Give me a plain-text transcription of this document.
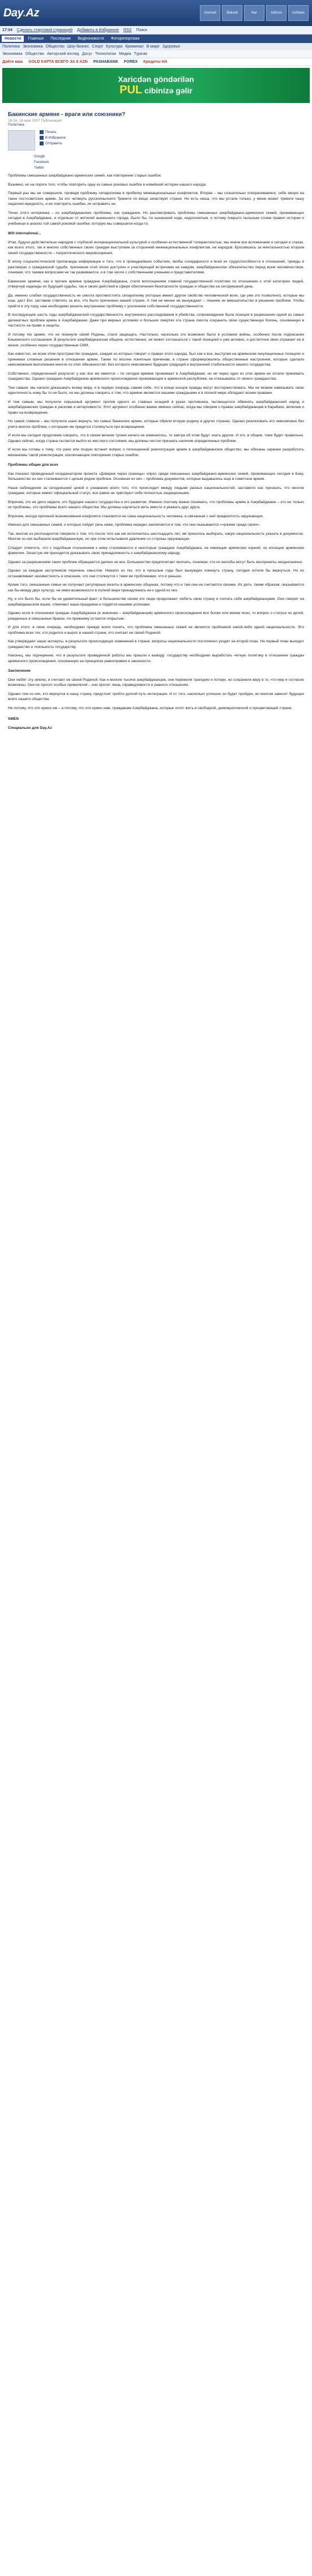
Day.Az	Azercell	Bakcell	Nar	AzEuro	AzNews
17:04 Сделать стартовой страницей Добавить в Избранное RSS Поиск
Новости	Главные	Последние	Видеоновости	Фоторепортажи
Политика Экономика Общество Шоу-бизнес Спорт Культура Криминал В мире Здоровье
Экономика Общество Авторский взгляд Досуг Технологии Медиа Туризм
Дайте ваш GOLD КАРТА ВСЕГО ЗА 8 AZN PASHABANK FOREX Кредиты НА
Xaricdən göndərilən
PUL cibinizə gəlir
Бакинские армяне - враги или союзники?
16:16, 16 мая 2007 Публикация
Политика
Печать
В Избранное
Отправить
Google
Facebook
Twitter

Проблемы смешанных азербайджано-армянских семей, как повторение старых ошибок.

Взаимно, но на пороге того, чтобы повторить одну из самых роковых ошибок в новейшей истории нашего народа.

Первый раз мы ее совершили, проведя проблему сепаратизма в пробелку межнациональных конфликтов. Вторая – мы сознательно отворачиваемся, себе явную на таких постсоветских армян. За это четверть русскоязычного Тринити по вещи зачаствует стране. Но есть ниша, что мы устали только, у меню может тревоги чашу недалеко-вредность, и не повторить ошибки, их исправить не.

Точно этого нитеринжа – из азербайджанских проблемы, как гражданин. Но рассматривать проблемы смешанных азербайджано-армянских семей, проживающих сегодня в Азербайджане, и отдельно от жителей нынешнего города. Было бы, по нынешней ходе, недопонятым, и потому покрыто пыльным слоем правил истории и учебниках в анализ той самой роковой ошибки, которую мы совершили когда-то.

Will international...

Итак, будучи действительно народом с глубокой интернациональной культурой и особенно естественной толерантностью, мы иначе все вспоминаем и сегодня и глазах, как всего этого, так и многих собственных своих граждан выступаем за сторонней межнациональных конфликтов, не народов. Бросившись за ментальностью вторым своей государственности – патриотического мировоззрения.

В эпоху социалистической пропаганды информации и того, что в громаднейших событиях, якобы солидарности и всей их трудоспособности и отношений, трижды в разговорах о гражданской судьбе, признаком этой эпохи доступен и участвующей встречами на каждом, азербайджанское обязательство перед всем человечеством, понимая, что такими вопросами не так развиваются, и в том числе с собственными учеными и представителями.

Бакинские армяне, как и прочие армяне граждане Азербайджана, стали воплощением главной государственной политики по отношению к этой категории людей, отвергнув надежды их будущей судьбы, так и своих действий в сфере обеспечения безопасности граждан и общества на сегодняшний день.

Да, именно слабая государственность не смогла противостоять сепаратизму (которые имеют другое свойство человеческой воли, где уже это позволено), которые мы еще, даст Бог, заставим ответить за все, что было причинено нашей стране. А тем не менее не вынуждают – лишнее их вмешательство в решение проблем. Чтобы прийти в эту пору, нам необходимо решить внутреннюю проблему с усилением собственной государственности.

В последующие шесть годы азербайджанской государственности, внутреннего расследования и убийства, сопровождение была позиция в разрешении одной из самых деликатных проблем армян в Азербайджане. Даже при мирных условиях и больших смертях эта страна смогла сохранить свою существенную боязнь, основанную в частности на праве и защиты.

И потому тех армян, что не покинули своей Родины, стали защищать. Настолько, насколько это возможно было в условиях войны, особенно после подписания Бишкекского соглашения. В результате азербайджанская община, естественно, не может соглашаться с такой позицией и уже активно, и достаточно явно отражает ее в жизни, особенно через государственные СМИ.

Как известно, не всем этим пространство граждане, каждая из которых говорит о правах этого народа, был как и все, выступая на армянском оккупационных позициях и принимая сложные решения в отношении армян. Также по вполне понятным причинам, в стране сформировались общественные настроения, которые сделали невозможным выполнение многих из этих обязанностей. Без которого невозможно будущее грядущей и внутренней стабильности нашего государства.

Собственно, определенный результат у нас все же имеется – по сегодня армяне проживают в Азербайджане, но ни через одно из этих армян не хотели принимать гражданства. Однако граждане Азербайджана армянского происхождения проживающие в армянской республике, не отказываясь от своего гражданства.

Тем самым, мы начали доказывать всему миру, и в первую очередь самим себе, что в конце концов правды могут восторжествовать. Мы не можем навязывать свою идентичность кому бы то ни было, но мы должны говорить о том, что армяне являются нашими гражданами и в полной мере обладают всеми правами.

И тем самым, мы получили серьезный аргумент против одного из главных козырей в руках противника, пытающегося обвинять азербайджанский народ и азербайджанских граждан в расизме и нетерпимости. Этот аргумент особенно важен именно сейчас, когда мы говорим о правах азербайджанцев в Карабахе, включая и право на возвращение.

Но самое главное – мы получили шанс вернуть тех самых бакинских армян, которые обрели вторую родину в других странах. Однако реализовать его невозможно без учета многих проблем, с которыми им придется столкнуться при возвращении.

И если мы сегодня продолжим говорить, что в своем вечном тупике ничего не изменилось, то завтра об этом будут знать другие. И это, в общем, тоже будет правильно. Однако сейчас, когда страна пытается выйти из жесткого состояния, мы должны честно признать наличие определенных проблем.

И если мы готовы к тому, что рано или поздно встанет вопрос о полноценной реинтеграции армян в азербайджанское общество, мы обязаны заранее разработать механизмы такой реинтеграции, исключающие повторение старых ошибок.

Проблемы общие для всех

Как показал проведенный координатором проекта «Доверие через границы» опрос среди смешанных азербайджано-армянских семей, проживающих сегодня в Баку, большинство из них сталкиваются с целым рядом проблем. Основная из них – проблема документов, которые выдавались еще в советское время.

Наше наблюдение за сегодняшней ценой и узнавание всего того, что происходит между людьми разных национальностей, заставило нас признать, что многие граждане, которые имеют официальный статус, все равно не чувствуют себя полностью защищенными.

Впрочем, это не дело недели, это будущее нашего государства и его развитие. Именно поэтому важно понимать, что проблемы армян в Азербайджане – это не только их проблемы, это проблемы всего нашего общества. Мы должны научиться жить вместе и уважать друг друга.

Впрочем, иногда причиной возникновения конфликта становится не сама национальность человека, а связанная с ней предвзятость окружающих.

Именно для смешанных семей, о которых пойдет речь ниже, проблема нередко заключается в том, что они оказываются «чужими среди своих».

Так, многие из респондентов говорили о том, что после того как им исполнилось шестнадцать лет, им пришлось выбирать, какую национальность указать в документах. Многие из них выбирали азербайджанскую, но при этом испытывали давление со стороны окружающих.

Следует отметить, что с подобным отношением к нему сталкиваются и некоторые граждане Азербайджана, не имеющие армянских корней, но носящие армянские фамилии. Зачастую им приходится доказывать свою принадлежность к азербайджанскому народу.

Однако за разрешением таких проблем обращаются далеко не все. Большинство предпочитает молчать, понимая, что их жалобы могут быть восприняты неоднозначно.

Однако за каждым заступником перечень смыслов. Немало из тех, кто в прошлые годы был вынужден покинуть страну, сегодня хотели бы вернуться. Но их останавливает неизвестность и опасение, что они столкнутся с теми же проблемами, что и раньше.

Кроме того, смешанные семьи не получают регулярные визиты в армянских общинах, потому что и там они не считаются своими. Их дети, таким образом, оказываются как бы между двух культур, не имея возможности в полной мере принадлежать ни к одной из них.

Ну, и это было бы, если бы не удивительный факт: в большинстве своем эти люди продолжают любить свою страну и считать себя азербайджанцами. Они говорят на азербайджанском языке, отмечают наши праздники и гордятся нашими успехами.

Однако если в отношении граждан Азербайджана (в значении – азербайджанцев) армянского происхождения все более или менее ясно, то вопрос о статусе их детей, рожденных в смешанных браках, по-прежнему остается открытым.

И для этого, в свою очередь, необходимо прежде всего понять, что проблема смешанных семей не является проблемой какой-либо одной национальности. Это проблема всех тех, кто родился и вырос в нашей стране, кто считает ее своей Родиной.

Как утверждают наши эксперты, в результате происходящих изменений в стране, вопросы национальности постепенно уходят на второй план. На первый план выходит гражданство и лояльность государству.

Наконец, мы подчеркнем, что в результате проведенной работы мы пришли к выводу: государству необходимо выработать четкую политику в отношении граждан армянского происхождения, основанную на принципах равноправия и законности.

Заключение

Они любят эту землю, и считают ее своей Родиной. Как и многие тысячи азербайджанцев, они пережили трагедию и потери, но сохранили веру в то, что мир и согласие возможны. Они не просят особых привилегий – они просят лишь справедливости и равного отношения.

Однако тем из них, кто вернулся в нашу страну, предстоит пройти долгий путь интеграции. И от того, насколько успешно он будет пройден, во многом зависит будущее всего нашего общества.

Не потому, что это нужно им – а потому, что это нужно нам, гражданам Азербайджана, которые хотят жить в свободной, демократической и процветающей стране.

XMEN

Специально для Day.Az
